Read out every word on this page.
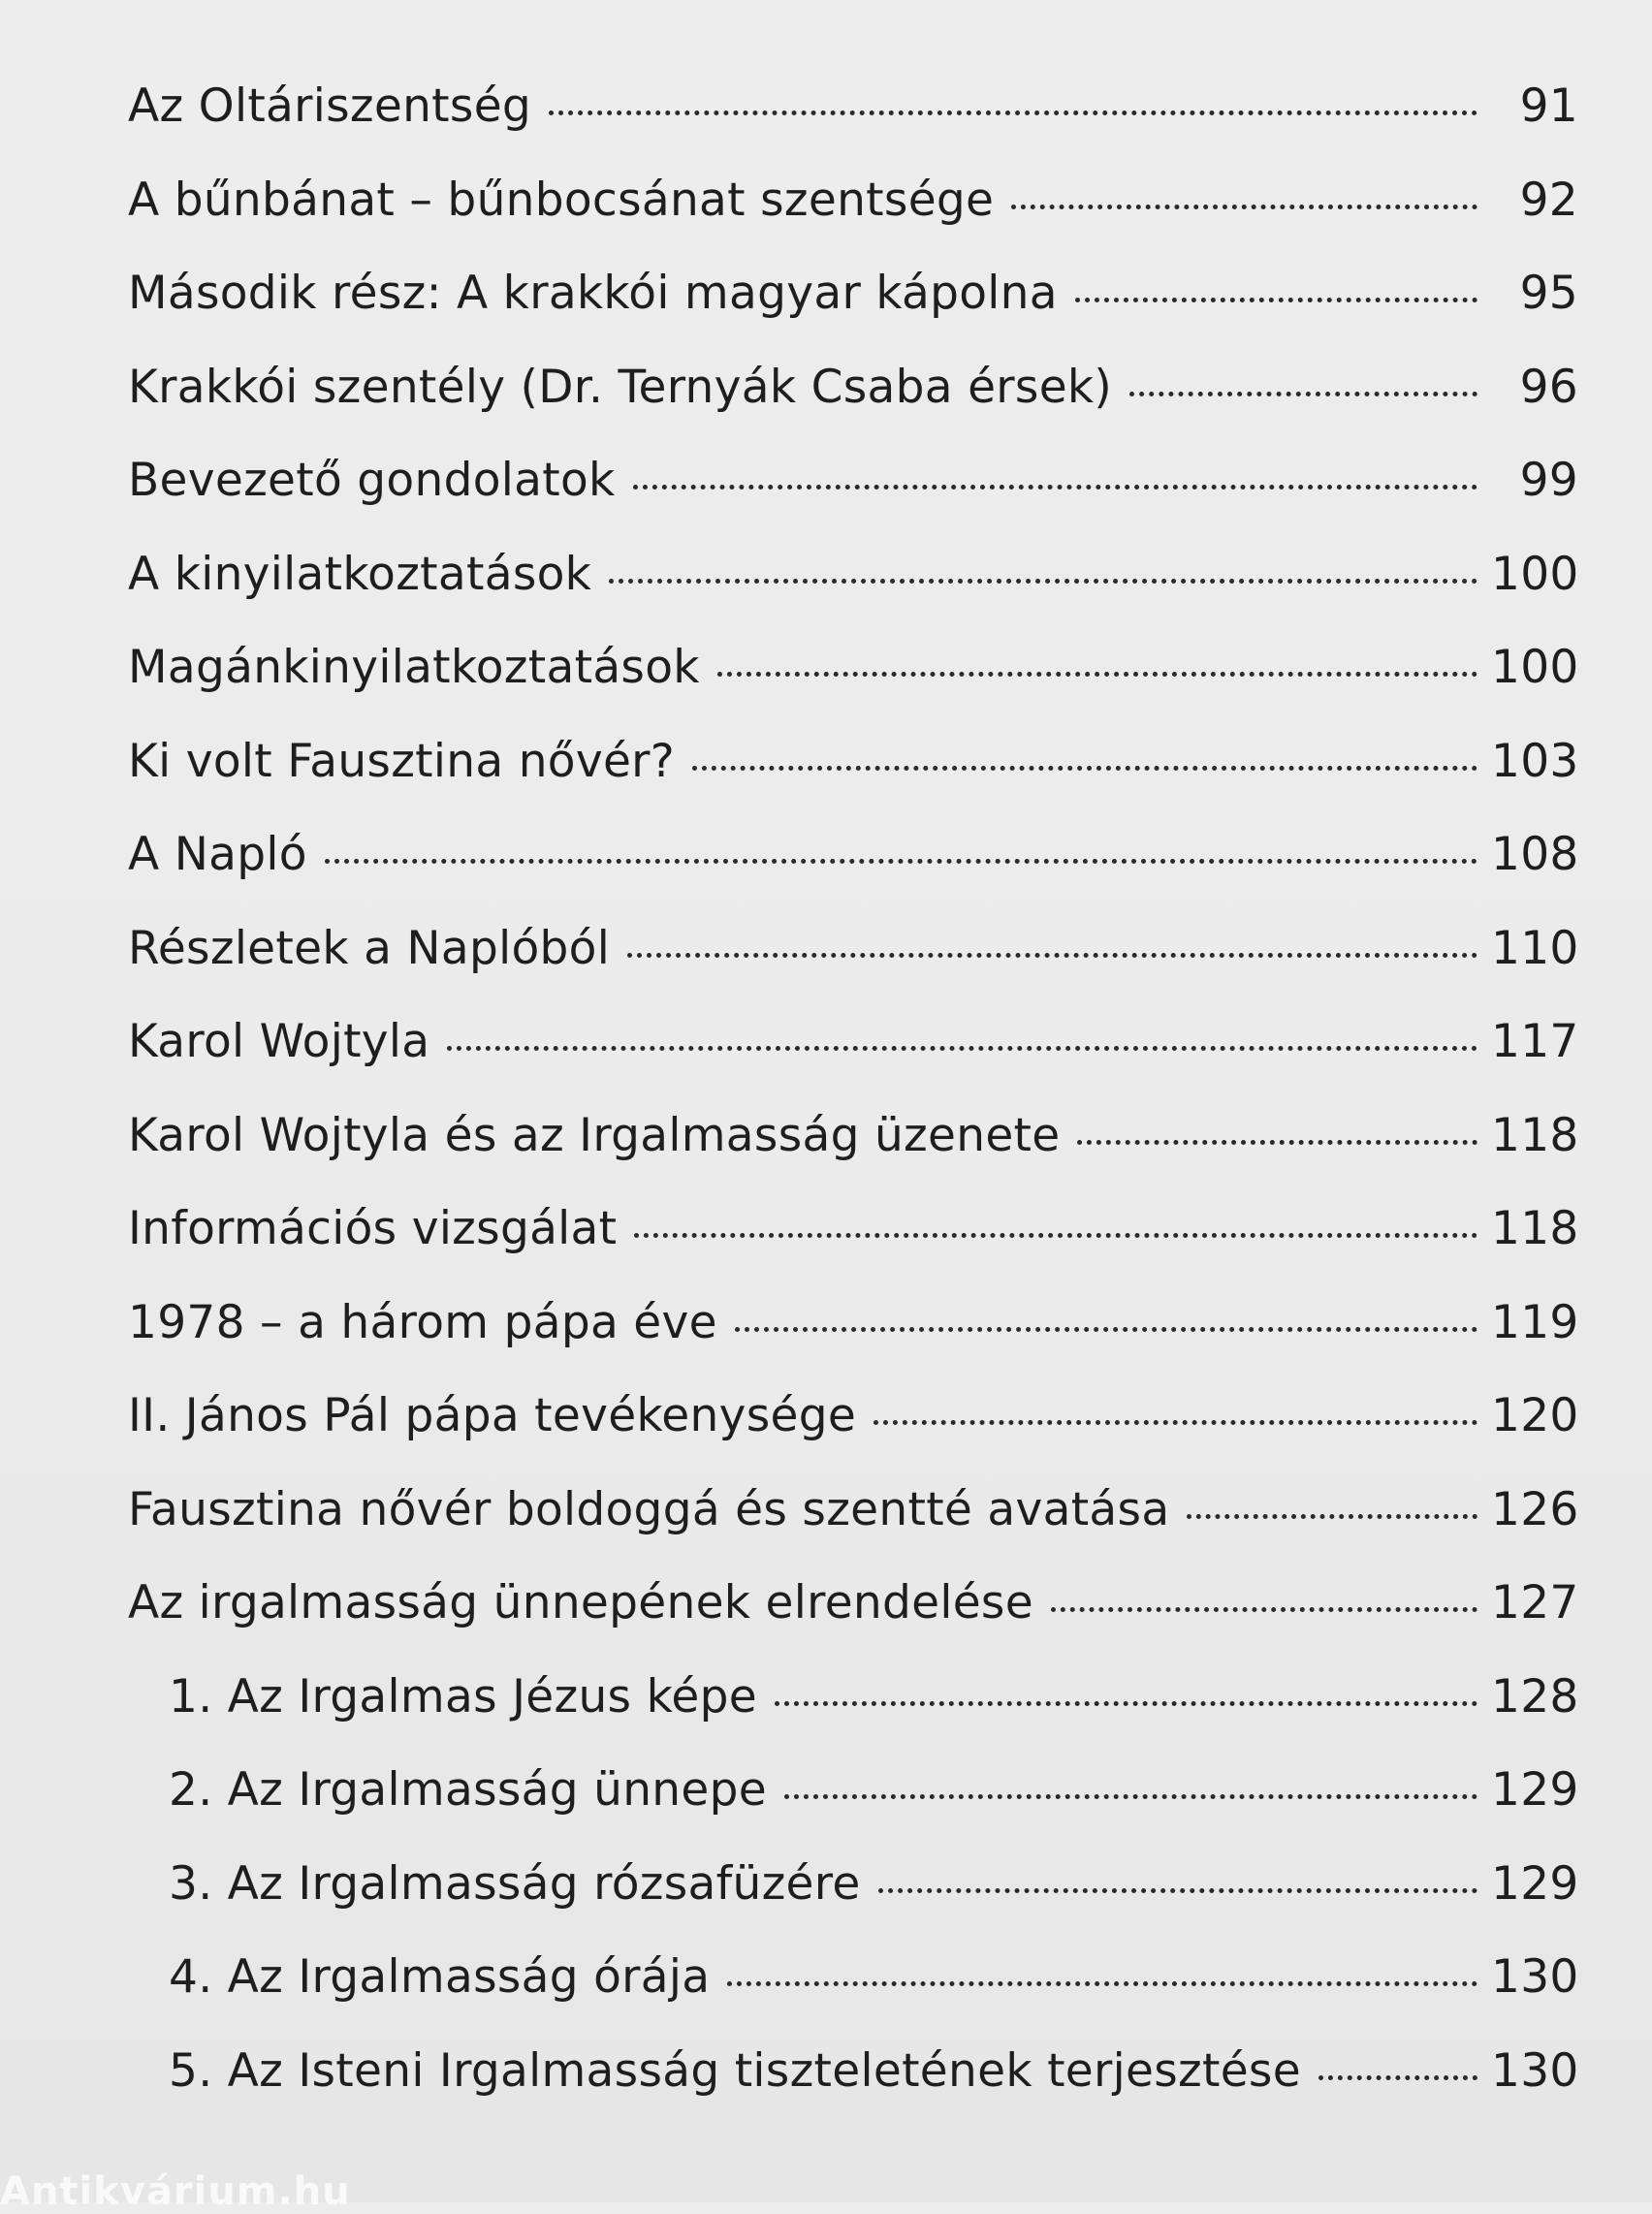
Az Oltáriszentség	91
A bűnbánat – bűnbocsánat szentsége	92
Második rész: A krakkói magyar kápolna	95
Krakkói szentély (Dr. Ternyák Csaba érsek)	96
Bevezető gondolatok	99
A kinyilatkoztatások	100
Magánkinyilatkoztatások	100
Ki volt Fausztina nővér?	103
A Napló	108
Részletek a Naplóból	110
Karol Wojtyla	117
Karol Wojtyla és az Irgalmasság üzenete	118
Információs vizsgálat	118
1978 – a három pápa éve	119
II. János Pál pápa tevékenysége	120
Fausztina nővér boldoggá és szentté avatása	126
Az irgalmasság ünnepének elrendelése	127
1. Az Irgalmas Jézus képe	128
2. Az Irgalmasság ünnepe	129
3. Az Irgalmasság rózsafüzére	129
4. Az Irgalmasság órája	130
5. Az Isteni Irgalmasság tiszteletének terjesztése	130
Antikvárium.hu
